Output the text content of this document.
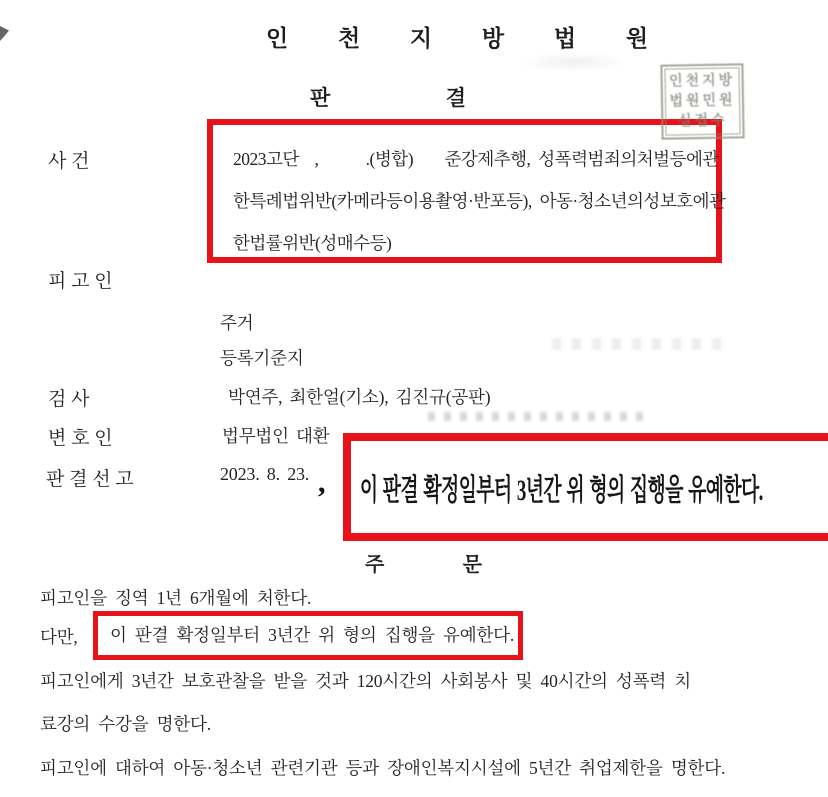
인 천 지 방 법 원
판	결

인천지방
법원민원
실접수

사 건	2023고단  ,      .(병합)    준강제추행, 성폭력범죄의처벌등에관
한특례법위반(카메라등이용촬영·반포등), 아동·청소년의성보호에관
한법률위반(성매수등)
피 고 인
주거
등록기준지
검 사	박연주, 최한얼(기소), 김진규(공판)
변 호 인	법무법인 대환
판 결 선 고	2023. 8. 23. , 이 판결 확정일부터 3년간 위 형의 집행을 유예한다.
주	문
피고인을 징역 1년 6개월에 처한다.
다만,

이 판결 확정일부터 3년간 위 형의 집행을 유예한다.

피고인에게 3년간 보호관찰을 받을 것과 120시간의 사회봉사 및 40시간의 성폭력 치
료강의 수강을 명한다.
피고인에 대하여 아동·청소년 관련기관 등과 장애인복지시설에 5년간 취업제한을 명한다.
